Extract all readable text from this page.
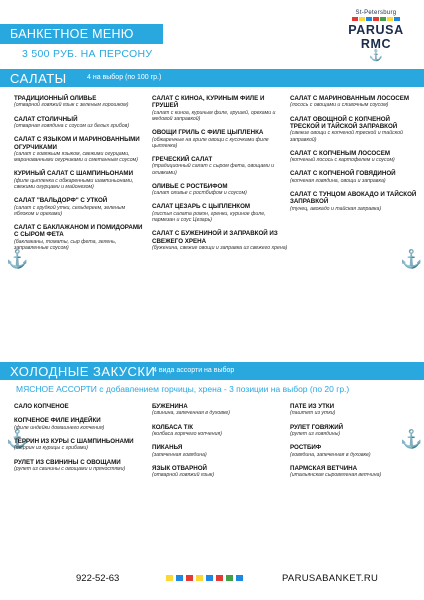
БАНКЕТНОЕ МЕНЮ
3 500 РУБ. НА ПЕРСОНУ
St-Petersburg
PARUSA RMC
⚓
САЛАТЫ	4 на выбор (по 100 гр.)
⚓
⚓
⚓
⚓
ТРАДИЦИОННЫЙ ОЛИВЬЕ
(отварной говяжий язык с зеленым горошком)
САЛАТ СТОЛИЧНЫЙ
(отварная говядина с соусом из белых грибов)
САЛАТ С ЯЗЫКОМ И МАРИНОВАННЫМИ ОГУРЧИКАМИ
(салат с говяжьим языком, свежими огурцами, маринованными огурчиками и сметанным соусом)
КУРИНЫЙ САЛАТ С ШАМПИНЬОНАМИ
(филе цыпленка с обжаренными шампиньонами, свежими огурцами и майонезом)
САЛАТ "ВАЛЬДОРФ" С УТКОЙ
(салат с грудкой утки, сельдереем, зеленым яблоком и орехами)
САЛАТ С БАКЛАЖАНОМ И ПОМИДОРАМИ С СЫРОМ ФЕТА
(баклажаны, томаты, сыр фета, зелень, заправленные соусом)
САЛАТ С КИНОА, КУРИНЫМ ФИЛЕ И ГРУШЕЙ
(салат с киноа, куриным филе, грушей, орехами и медовой заправкой)
ОВОЩИ ГРИЛЬ С ФИЛЕ ЦЫПЛЕНКА
(обжаренные на гриле овощи с кусочками филе цыпленка)
ГРЕЧЕСКИЙ САЛАТ
(традиционный салат с сыром фета, овощами и оливками)
ОЛИВЬЕ С РОСТБИФОМ
(салат оливье с ростбифом и соусом)
САЛАТ ЦЕЗАРЬ С ЦЫПЛЕНКОМ
(листья салата ромэн, гренки, куриное филе, пармезан и соус Цезарь)
САЛАТ С БУЖЕНИНОЙ И ЗАПРАВКОЙ ИЗ СВЕЖЕГО ХРЕНА
(буженина, свежие овощи и заправка из свежего хрена)
САЛАТ С МАРИНОВАННЫМ ЛОСОСЕМ
(лосось с овощами и сливочным соусом)
САЛАТ ОВОЩНОЙ С КОПЧЕНОЙ ТРЕСКОЙ И ТАЙСКОЙ ЗАПРАВКОЙ
(свежие овощи с копченой треской и тайской заправкой)
САЛАТ С КОПЧЕНЫМ ЛОСОСЕМ
(копченый лосось с картофелем и соусом)
САЛАТ С КОПЧЕНОЙ ГОВЯДИНОЙ
(копченая говядина, овощи и заправка)
САЛАТ С ТУНЦОМ АВОКАДО И ТАЙСКОЙ ЗАПРАВКОЙ
(тунец, авокадо и тайская заправка)
ХОЛОДНЫЕ ЗАКУСКИ
4 вида ассорти на выбор
МЯСНОЕ АССОРТИ с добавлением горчицы, хрена - 3 позиции на выбор (по 20 гр.)
САЛО КОПЧЕНОЕ
КОПЧЕНОЕ ФИЛЕ ИНДЕЙКИ
(филе индейки домашнего копчения)
ТЕРРИН ИЗ КУРЫ С ШАМПИНЬОНАМИ
(террин из курицы с грибами)
РУЛЕТ ИЗ СВИНИНЫ С ОВОЩАМИ
(рулет из свинины с овощами и пряностями)
БУЖЕНИНА
(свинина, запеченная в духовке)
КОЛБАСА Т/К
(колбаса горячего копчения)
ПИКАНЬЯ
(запеченная говядина)
ЯЗЫК ОТВАРНОЙ
(отварной говяжий язык)
ПАТЕ ИЗ УТКИ
(паштет из утки)
РУЛЕТ ГОВЯЖИЙ
(рулет из говядины)
РОСТБИФ
(говядина, запеченная в духовке)
ПАРМСКАЯ ВЕТЧИНА
(итальянская сыровяленая ветчина)
922-52-63	PARUSABANKET.RU
